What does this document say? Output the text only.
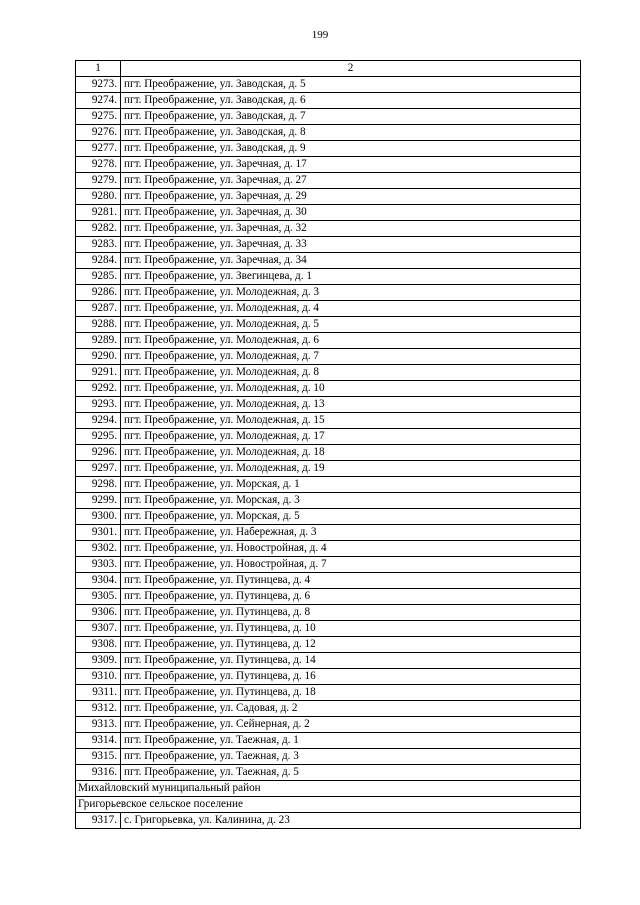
199
1	2
9273.	пгт. Преображение, ул. Заводская, д. 5
9274.	пгт. Преображение, ул. Заводская, д. 6
9275.	пгт. Преображение, ул. Заводская, д. 7
9276.	пгт. Преображение, ул. Заводская, д. 8
9277.	пгт. Преображение, ул. Заводская, д. 9
9278.	пгт. Преображение, ул. Заречная, д. 17
9279.	пгт. Преображение, ул. Заречная, д. 27
9280.	пгт. Преображение, ул. Заречная, д. 29
9281.	пгт. Преображение, ул. Заречная, д. 30
9282.	пгт. Преображение, ул. Заречная, д. 32
9283.	пгт. Преображение, ул. Заречная, д. 33
9284.	пгт. Преображение, ул. Заречная, д. 34
9285.	пгт. Преображение, ул. Звегинцева, д. 1
9286.	пгт. Преображение, ул. Молодежная, д. 3
9287.	пгт. Преображение, ул. Молодежная, д. 4
9288.	пгт. Преображение, ул. Молодежная, д. 5
9289.	пгт. Преображение, ул. Молодежная, д. 6
9290.	пгт. Преображение, ул. Молодежная, д. 7
9291.	пгт. Преображение, ул. Молодежная, д. 8
9292.	пгт. Преображение, ул. Молодежная, д. 10
9293.	пгт. Преображение, ул. Молодежная, д. 13
9294.	пгт. Преображение, ул. Молодежная, д. 15
9295.	пгт. Преображение, ул. Молодежная, д. 17
9296.	пгт. Преображение, ул. Молодежная, д. 18
9297.	пгт. Преображение, ул. Молодежная, д. 19
9298.	пгт. Преображение, ул. Морская, д. 1
9299.	пгт. Преображение, ул. Морская, д. 3
9300.	пгт. Преображение, ул. Морская, д. 5
9301.	пгт. Преображение, ул. Набережная, д. 3
9302.	пгт. Преображение, ул. Новостройная, д. 4
9303.	пгт. Преображение, ул. Новостройная, д. 7
9304.	пгт. Преображение, ул. Путинцева, д. 4
9305.	пгт. Преображение, ул. Путинцева, д. 6
9306.	пгт. Преображение, ул. Путинцева, д. 8
9307.	пгт. Преображение, ул. Путинцева, д. 10
9308.	пгт. Преображение, ул. Путинцева, д. 12
9309.	пгт. Преображение, ул. Путинцева, д. 14
9310.	пгт. Преображение, ул. Путинцева, д. 16
9311.	пгт. Преображение, ул. Путинцева, д. 18
9312.	пгт. Преображение, ул. Садовая, д. 2
9313.	пгт. Преображение, ул. Сейнерная, д. 2
9314.	пгт. Преображение, ул. Таежная, д. 1
9315.	пгт. Преображение, ул. Таежная, д. 3
9316.	пгт. Преображение, ул. Таежная, д. 5
Михайловский муниципальный район	
Григорьевское сельское поселение	
9317.	с. Григорьевка, ул. Калинина, д. 23
